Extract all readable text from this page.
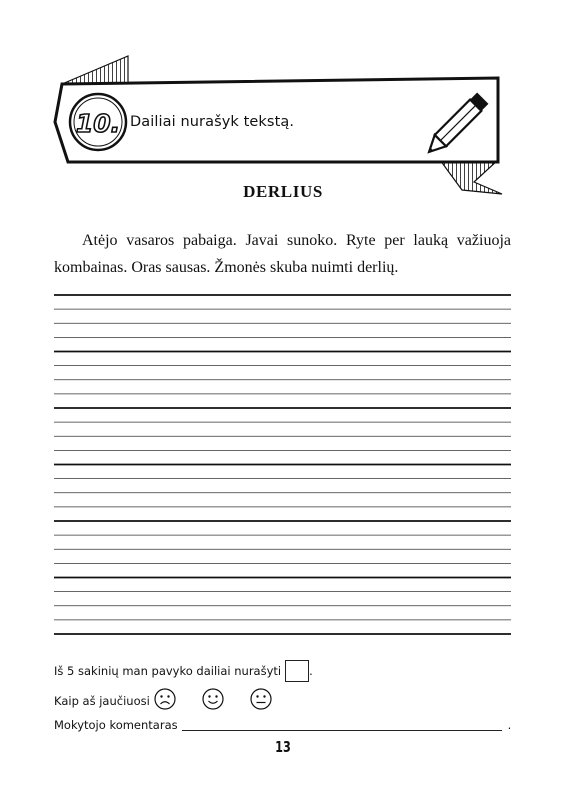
10. Dailiai nurašyk tekstą.
DERLIUS
Atėjo vasaros pabaiga. Javai sunoko. Ryte per lauką važiuoja kombainas. Oras sausas. Žmonės skuba nuimti derlių.
Iš 5 sakinių man pavyko dailiai nurašyti .
Kaip aš jaučiuosi
Mokytojo komentaras	.
13
